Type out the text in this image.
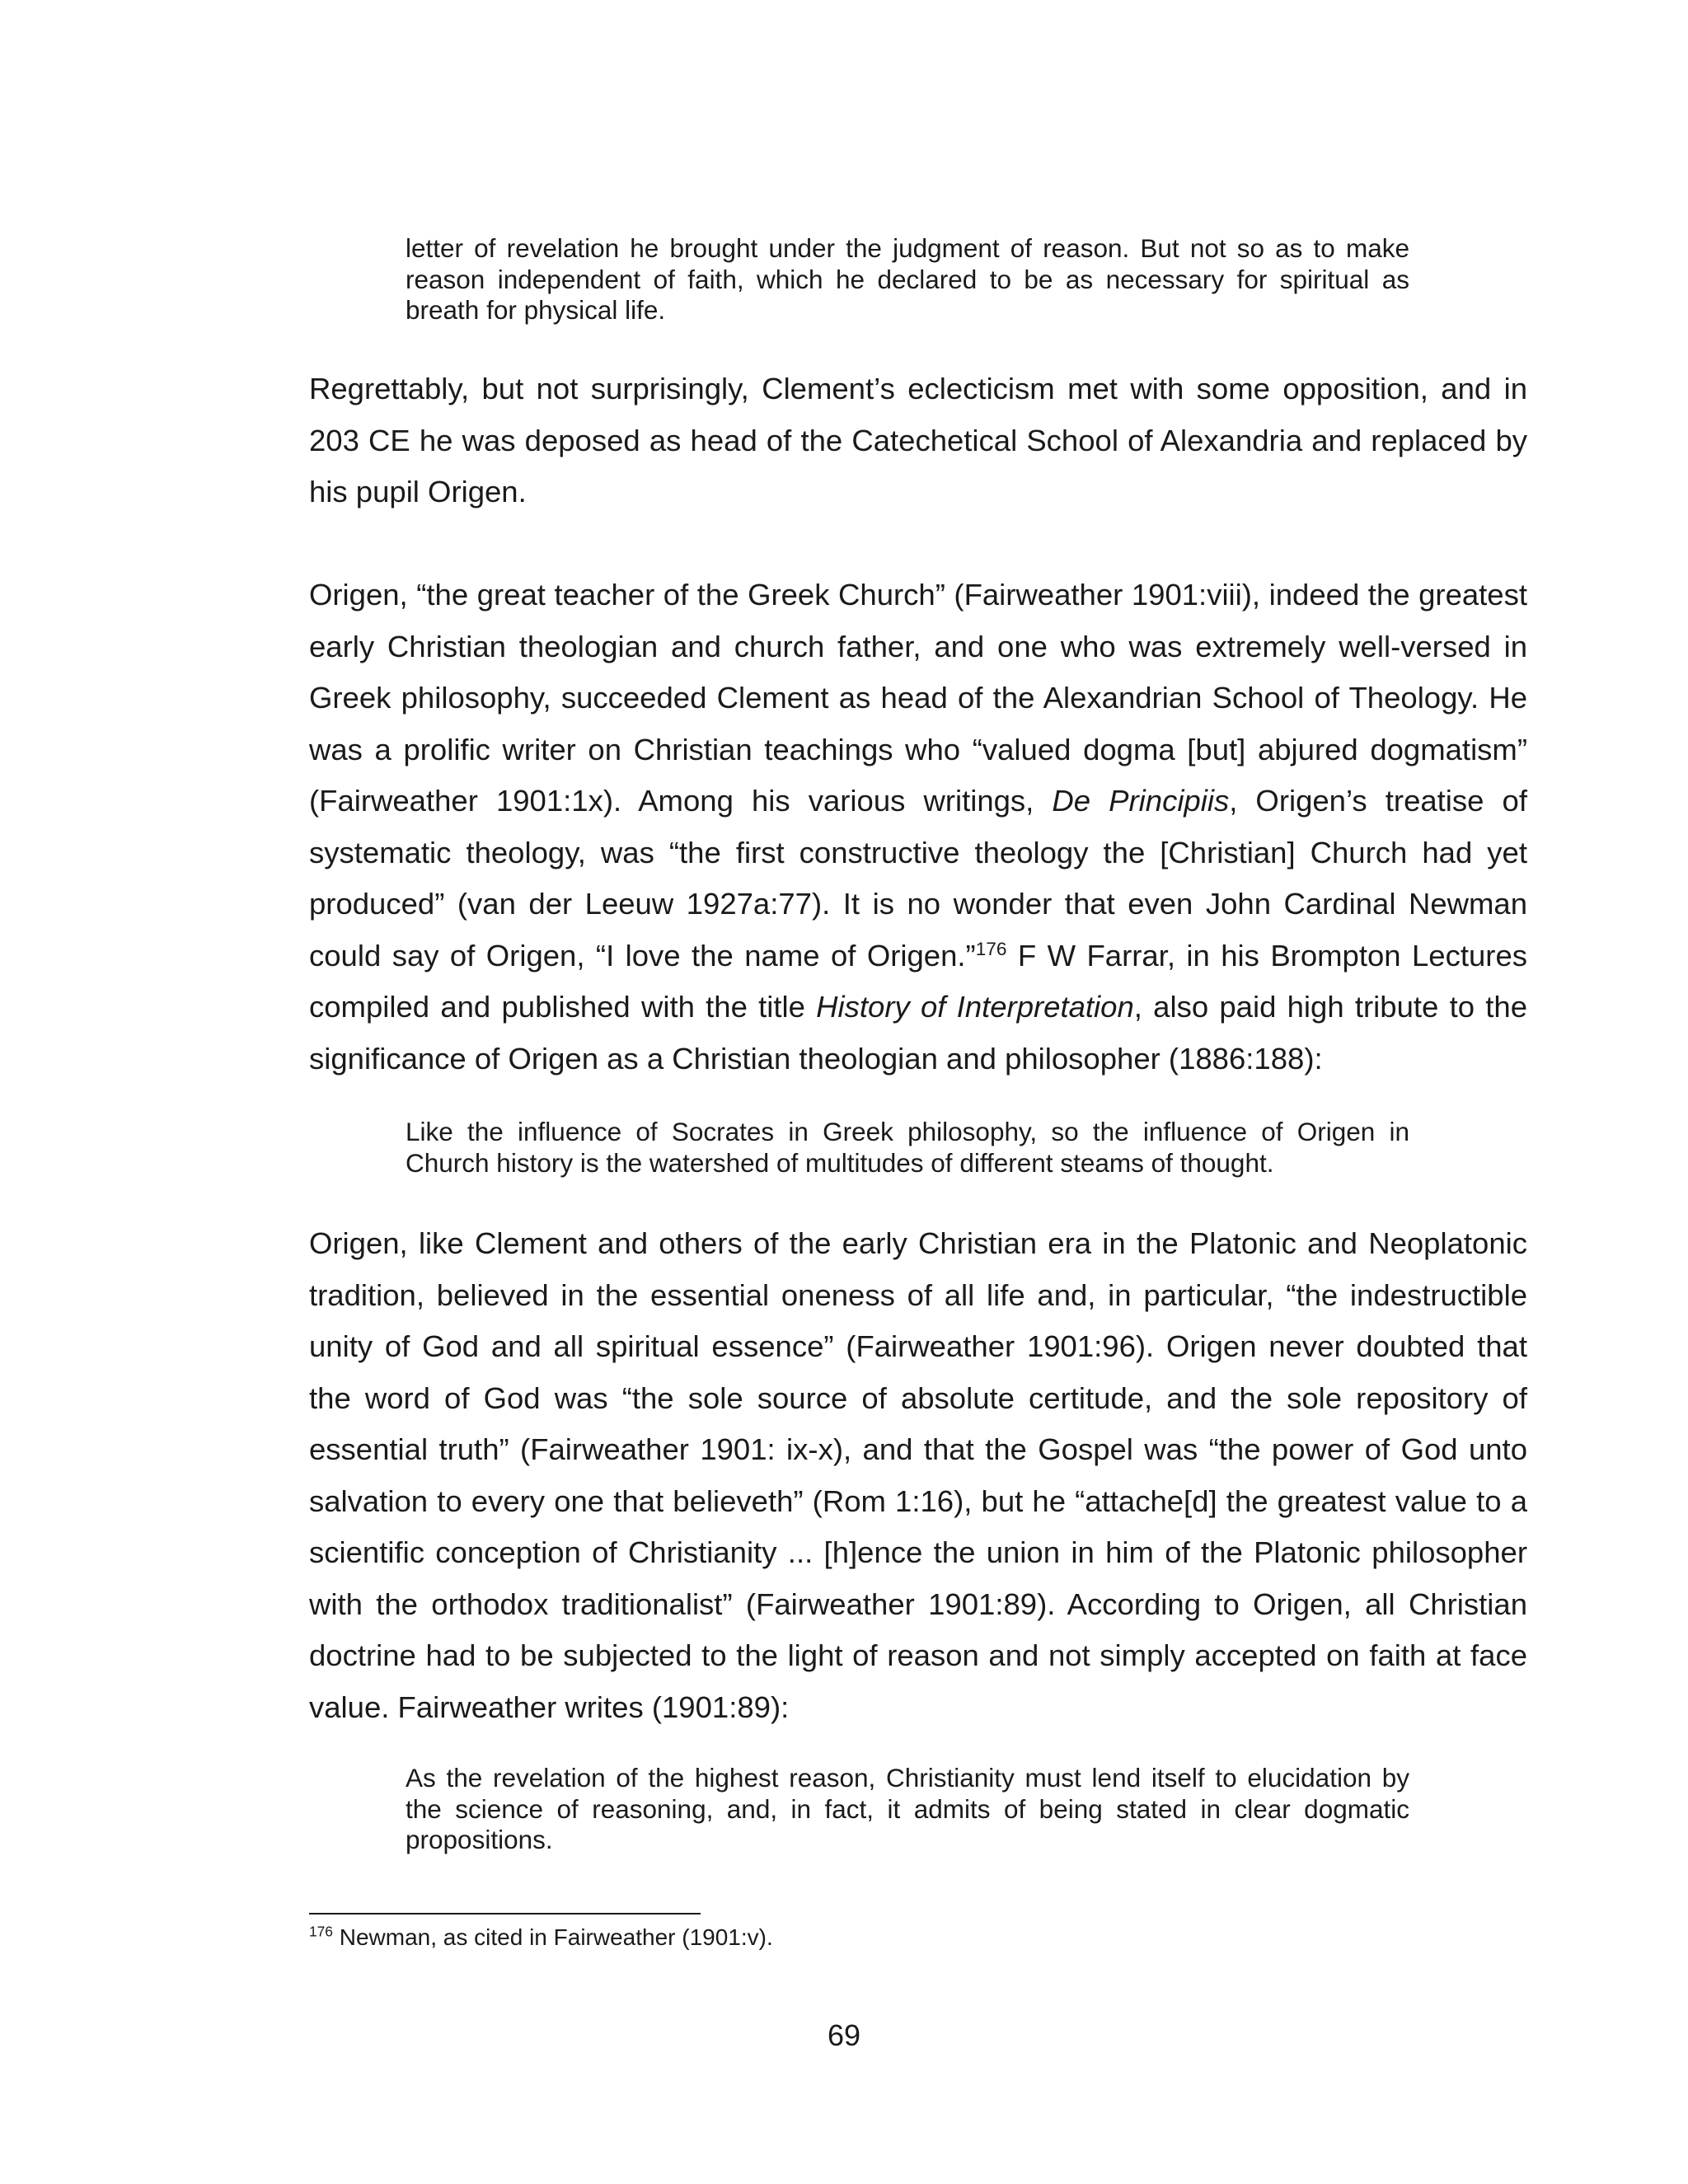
letter of revelation he brought under the judgment of reason. But not so as to make reason independent of faith, which he declared to be as necessary for spiritual as breath for physical life.

Regrettably, but not surprisingly, Clement’s eclecticism met with some opposition, and in 203 CE he was deposed as head of the Catechetical School of Alexandria and replaced by his pupil Origen.

Origen, “the great teacher of the Greek Church” (Fairweather 1901:viii), indeed the greatest early Christian theologian and church father, and one who was extremely well-versed in Greek philosophy, succeeded Clement as head of the Alexandrian School of Theology. He was a prolific writer on Christian teachings who “valued dogma [but] abjured dogmatism” (Fairweather 1901:1x). Among his various writings, De Principiis, Origen’s treatise of systematic theology, was “the first constructive theology the [Christian] Church had yet produced” (van der Leeuw 1927a:77). It is no wonder that even John Cardinal Newman could say of Origen, “I love the name of Origen.”$^{176}$ F W Farrar, in his Brompton Lectures compiled and published with the title History of Interpretation, also paid high tribute to the significance of Origen as a Christian theologian and philosopher (1886:188):

Like the influence of Socrates in Greek philosophy, so the influence of Origen in Church history is the watershed of multitudes of different steams of thought.

Origen, like Clement and others of the early Christian era in the Platonic and Neoplatonic tradition, believed in the essential oneness of all life and, in particular, “the indestructible unity of God and all spiritual essence” (Fairweather 1901:96). Origen never doubted that the word of God was “the sole source of absolute certitude, and the sole repository of essential truth” (Fairweather 1901: ix-x), and that the Gospel was “the power of God unto salvation to every one that believeth” (Rom 1:16), but he “attache[d] the greatest value to a scientific conception of Christianity ... [h]ence the union in him of the Platonic philosopher with the orthodox traditionalist” (Fairweather 1901:89). According to Origen, all Christian doctrine had to be subjected to the light of reason and not simply accepted on faith at face value. Fairweather writes (1901:89):

As the revelation of the highest reason, Christianity must lend itself to elucidation by the science of reasoning, and, in fact, it admits of being stated in clear dogmatic propositions.

$^{176}$ Newman, as cited in Fairweather (1901:v).

69
